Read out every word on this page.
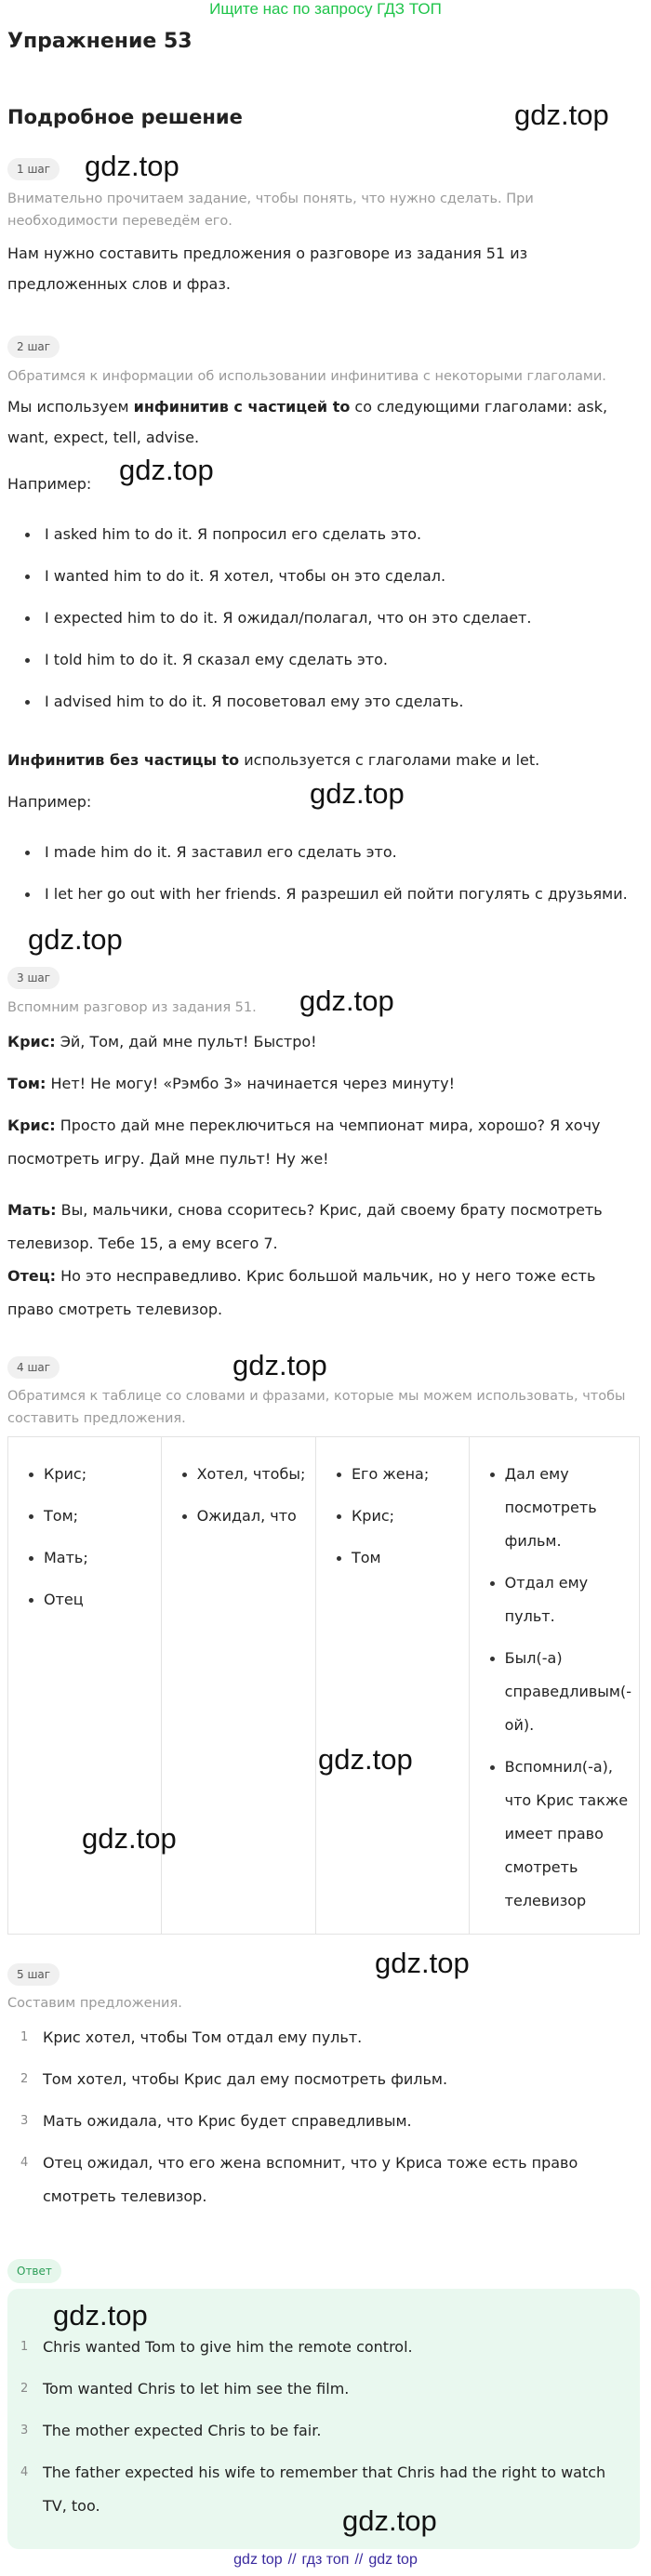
Ищите нас по запросу ГДЗ ТОП
Упражнение 53
Подробное решение
1 шаг
Внимательно прочитаем задание, чтобы понять, что нужно сделать. При необходимости переведём его.
Нам нужно составить предложения о разговоре из задания 51 из предложенных слов и фраз.
2 шаг
Обратимся к информации об использовании инфинитива с некоторыми глаголами.
Мы используем инфинитив с частицей to со следующими глаголами: ask, want, expect, tell, advise.
Например:
I asked him to do it. Я попросил его сделать это.
I wanted him to do it. Я хотел, чтобы он это сделал.
I expected him to do it. Я ожидал/полагал, что он это сделает.
I told him to do it. Я сказал ему сделать это.
I advised him to do it. Я посоветовал ему это сделать.
Инфинитив без частицы to используется с глаголами make и let.
Например:
I made him do it. Я заставил его сделать это.
I let her go out with her friends. Я разрешил ей пойти погулять с друзьями.
3 шаг
Вспомним разговор из задания 51.
Крис: Эй, Том, дай мне пульт! Быстро!
Том: Нет! Не могу! «Рэмбо 3» начинается через минуту!
Крис: Просто дай мне переключиться на чемпионат мира, хорошо? Я хочу посмотреть игру. Дай мне пульт! Ну же!
Мать: Вы, мальчики, снова ссоритесь? Крис, дай своему брату посмотреть телевизор. Тебе 15, а ему всего 7.
Отец: Но это несправедливо. Крис большой мальчик, но у него тоже есть право смотреть телевизор.
4 шаг
Обратимся к таблице со словами и фразами, которые мы можем использовать, чтобы составить предложения.
Крис;
Том;
Мать;
Отец

Хотел, чтобы;
Ожидал, что

Его жена;
Крис;
Том

Дал ему посмотреть фильм.
Отдал ему пульт.
Был(-а) справедливым(-ой).
Вспомнил(-а), что Крис также имеет право смотреть телевизор
5 шаг
Составим предложения.
1 Крис хотел, чтобы Том отдал ему пульт.
2 Том хотел, чтобы Крис дал ему посмотреть фильм.
3 Мать ожидала, что Крис будет справедливым.
4 Отец ожидал, что его жена вспомнит, что у Криса тоже есть право смотреть телевизор.
Ответ
1 Chris wanted Tom to give him the remote control.
2 Tom wanted Chris to let him see the film.
3 The mother expected Chris to be fair.
4 The father expected his wife to remember that Chris had the right to watch TV, too.
gdz.top
gdz.top
gdz.top
gdz.top
gdz.top
gdz.top
gdz.top
gdz.top
gdz.top
gdz.top
gdz.top
gdz.top
gdz top // гдз топ // gdz top
